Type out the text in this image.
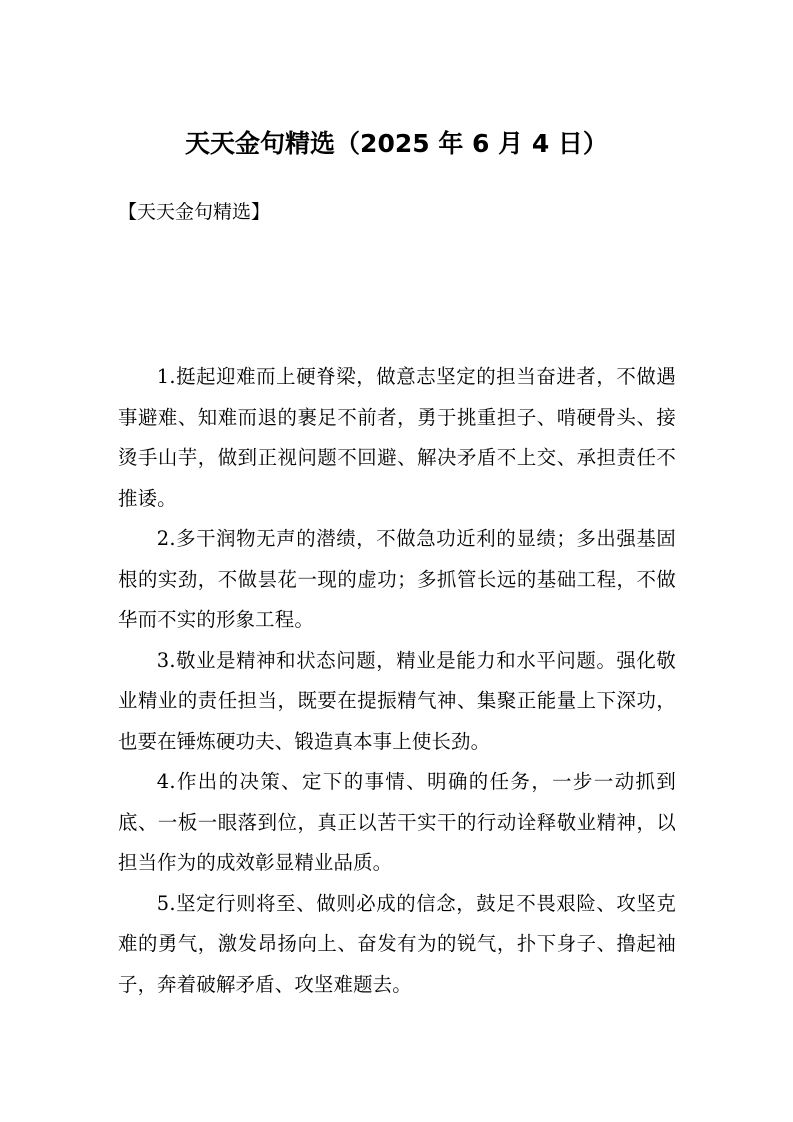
天天金句精选（2025 年 6 月 4 日）
【天天金句精选】

1.挺起迎难而上硬脊梁，做意志坚定的担当奋进者，不做遇事避难、知难而退的裹足不前者，勇于挑重担子、啃硬骨头、接烫手山芋，做到正视问题不回避、解决矛盾不上交、承担责任不推诿。

2.多干润物无声的潜绩，不做急功近利的显绩；多出强基固根的实劲，不做昙花一现的虚功；多抓管长远的基础工程，不做华而不实的形象工程。

3.敬业是精神和状态问题，精业是能力和水平问题。强化敬业精业的责任担当，既要在提振精气神、集聚正能量上下深功，也要在锤炼硬功夫、锻造真本事上使长劲。

4.作出的决策、定下的事情、明确的任务，一步一动抓到底、一板一眼落到位，真正以苦干实干的行动诠释敬业精神，以担当作为的成效彰显精业品质。

5.坚定行则将至、做则必成的信念，鼓足不畏艰险、攻坚克难的勇气，激发昂扬向上、奋发有为的锐气，扑下身子、撸起袖子，奔着破解矛盾、攻坚难题去。
